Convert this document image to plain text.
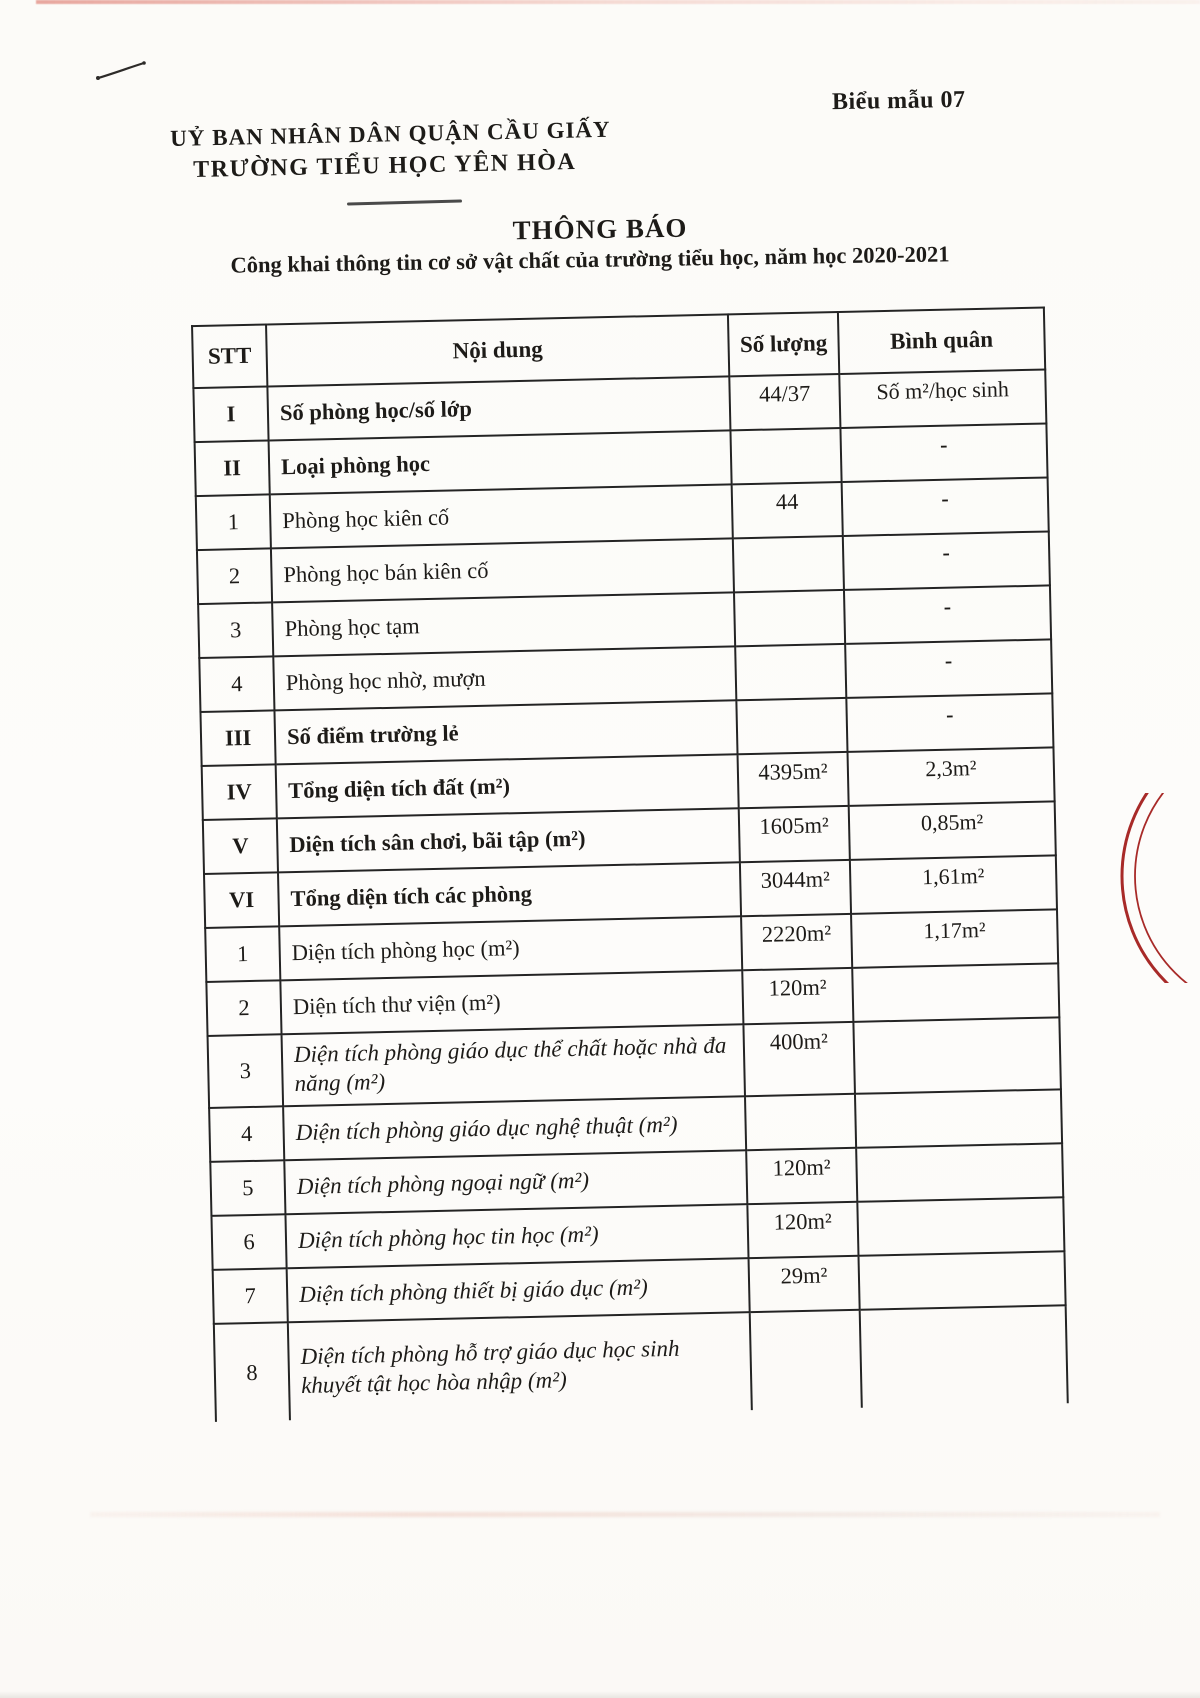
Biểu mẫu 07
UỶ BAN NHÂN DÂN QUẬN CẦU GIẤY
TRƯỜNG TIỂU HỌC YÊN HÒA
THÔNG BÁO
Công khai thông tin cơ sở vật chất của trường tiểu học, năm học 2020-2021
STT	Nội dung	Số lượng	Bình quân
I	Số phòng học/số lớp	44/37	Số m²/học sinh
II	Loại phòng học		-
1	Phòng học kiên cố	44	-
2	Phòng học bán kiên cố		-
3	Phòng học tạm		-
4	Phòng học nhờ, mượn		-
III	Số điểm trường lẻ		-
IV	Tổng diện tích đất (m²)	4395m²	2,3m²
V	Diện tích sân chơi, bãi tập (m²)	1605m²	0,85m²
VI	Tổng diện tích các phòng	3044m²	1,61m²
1	Diện tích phòng học (m²)	2220m²	1,17m²
2	Diện tích thư viện (m²)	120m²	
3	Diện tích phòng giáo dục thể chất hoặc nhà đa năng (m²)	400m²	
4	Diện tích phòng giáo dục nghệ thuật (m²)		
5	Diện tích phòng ngoại ngữ (m²)	120m²	
6	Diện tích phòng học tin học (m²)	120m²	
7	Diện tích phòng thiết bị giáo dục (m²)	29m²	
8	Diện tích phòng hỗ trợ giáo dục học sinh khuyết tật học hòa nhập (m²)		
